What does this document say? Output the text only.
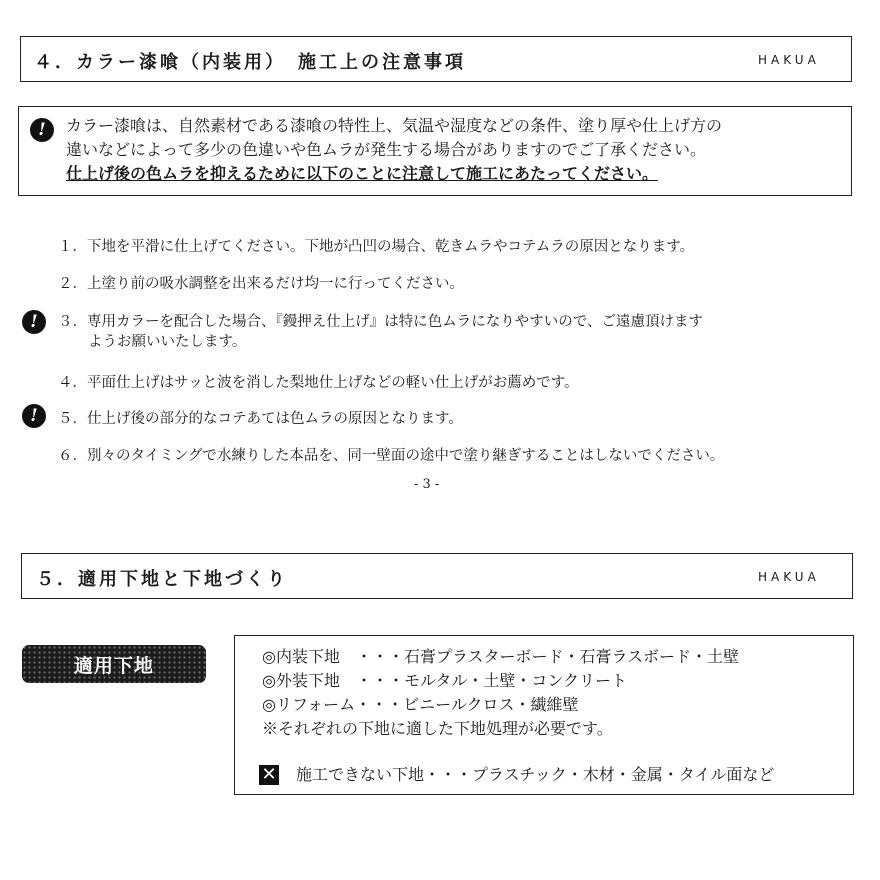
４．カラー漆喰（内装用）　施工上の注意事項	HAKUA
!	カラー漆喰は、自然素材である漆喰の特性上、気温や湿度などの条件、塗り厚や仕上げ方の
違いなどによって多少の色違いや色ムラが発生する場合がありますのでご了承ください。
仕上げ後の色ムラを抑えるために以下のことに注意して施工にあたってください。
１．下地を平滑に仕上げてください。下地が凸凹の場合、乾きムラやコテムラの原因となります。
２．上塗り前の吸水調整を出来るだけ均一に行ってください。
!	３．専用カラーを配合した場合、『鏝押え仕上げ』は特に色ムラになりやすいので、ご遠慮頂けます
ようお願いいたします。
４．平面仕上げはサッと波を消した梨地仕上げなどの軽い仕上げがお薦めです。
!	５．仕上げ後の部分的なコテあては色ムラの原因となります。
６．別々のタイミングで水練りした本品を、同一壁面の途中で塗り継ぎすることはしないでください。
- 3 -
５．適用下地と下地づくり	HAKUA
適用下地	◎内装下地　・・・石膏プラスターボード・石膏ラスボード・土壁
◎外装下地　・・・モルタル・土壁・コンクリート
◎リフォーム・・・ビニールクロス・繊維壁
※それぞれの下地に適した下地処理が必要です。
✕ 施工できない下地・・・プラスチック・木材・金属・タイル面など
